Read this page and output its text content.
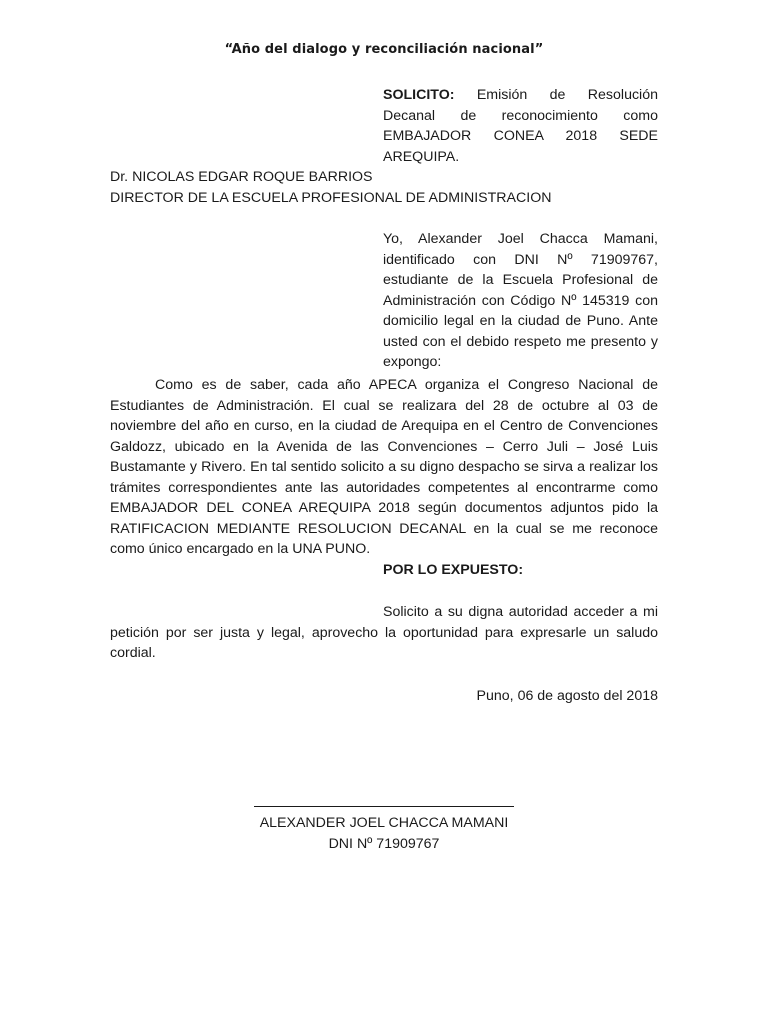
“Año del dialogo y reconciliación nacional”
SOLICITO: Emisión de Resolución Decanal de reconocimiento como EMBAJADOR CONEA 2018 SEDE AREQUIPA.
Dr. NICOLAS EDGAR ROQUE BARRIOS
DIRECTOR DE LA ESCUELA PROFESIONAL DE ADMINISTRACION
Yo, Alexander Joel Chacca Mamani, identificado con DNI Nº 71909767, estudiante de la Escuela Profesional de Administración con Código Nº 145319 con domicilio legal en la ciudad de Puno. Ante usted con el debido respeto me presento y expongo:
Como es de saber, cada año APECA organiza el Congreso Nacional de Estudiantes de Administración. El cual se realizara del 28 de octubre al 03 de noviembre del año en curso, en la ciudad de Arequipa en el Centro de Convenciones Galdozz, ubicado en la Avenida de las Convenciones – Cerro Juli – José Luis Bustamante y Rivero. En tal sentido solicito a su digno despacho se sirva a realizar los trámites correspondientes ante las autoridades competentes al encontrarme como EMBAJADOR DEL CONEA AREQUIPA 2018 según documentos adjuntos pido la RATIFICACION MEDIANTE RESOLUCION DECANAL en la cual se me reconoce como único encargado en la UNA PUNO.
POR LO EXPUESTO:
Solicito a su digna autoridad acceder a mi petición por ser justa y legal, aprovecho la oportunidad para expresarle un saludo cordial.
Puno, 06 de agosto del 2018
ALEXANDER JOEL CHACCA MAMANI
DNI Nº 71909767
